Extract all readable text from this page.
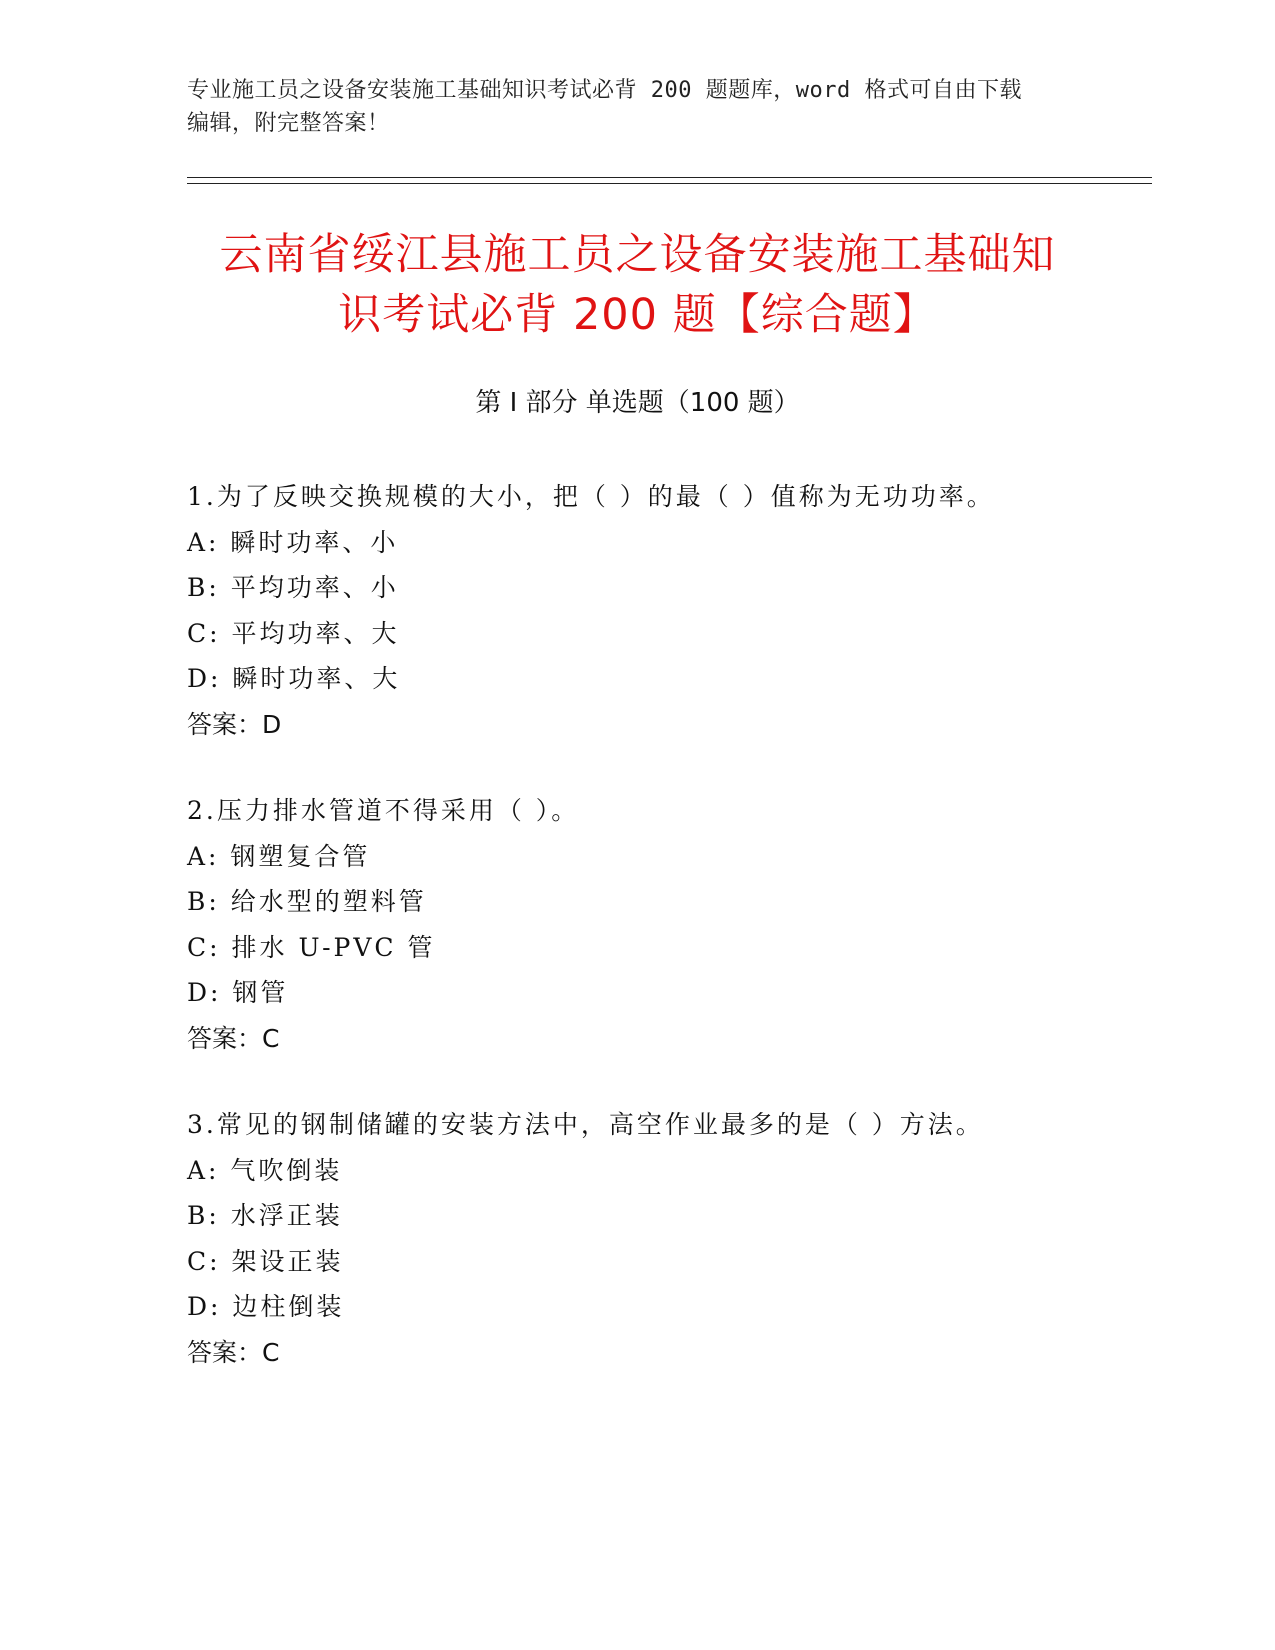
专业施工员之设备安装施工基础知识考试必背 200 题题库，word 格式可自由下载
编辑，附完整答案！
云南省绥江县施工员之设备安装施工基础知
识考试必背 200 题【综合题】
第 I 部分 单选题（100 题）
1.为了反映交换规模的大小，把（ ）的最（ ）值称为无功功率。
A: 瞬时功率、小
B: 平均功率、小
C: 平均功率、大
D: 瞬时功率、大
答案：D
2.压力排水管道不得采用（ ）。
A: 钢塑复合管
B: 给水型的塑料管
C: 排水 U-PVC 管
D: 钢管
答案：C
3.常见的钢制储罐的安装方法中，高空作业最多的是（ ）方法。
A: 气吹倒装
B: 水浮正装
C: 架设正装
D: 边柱倒装
答案：C
